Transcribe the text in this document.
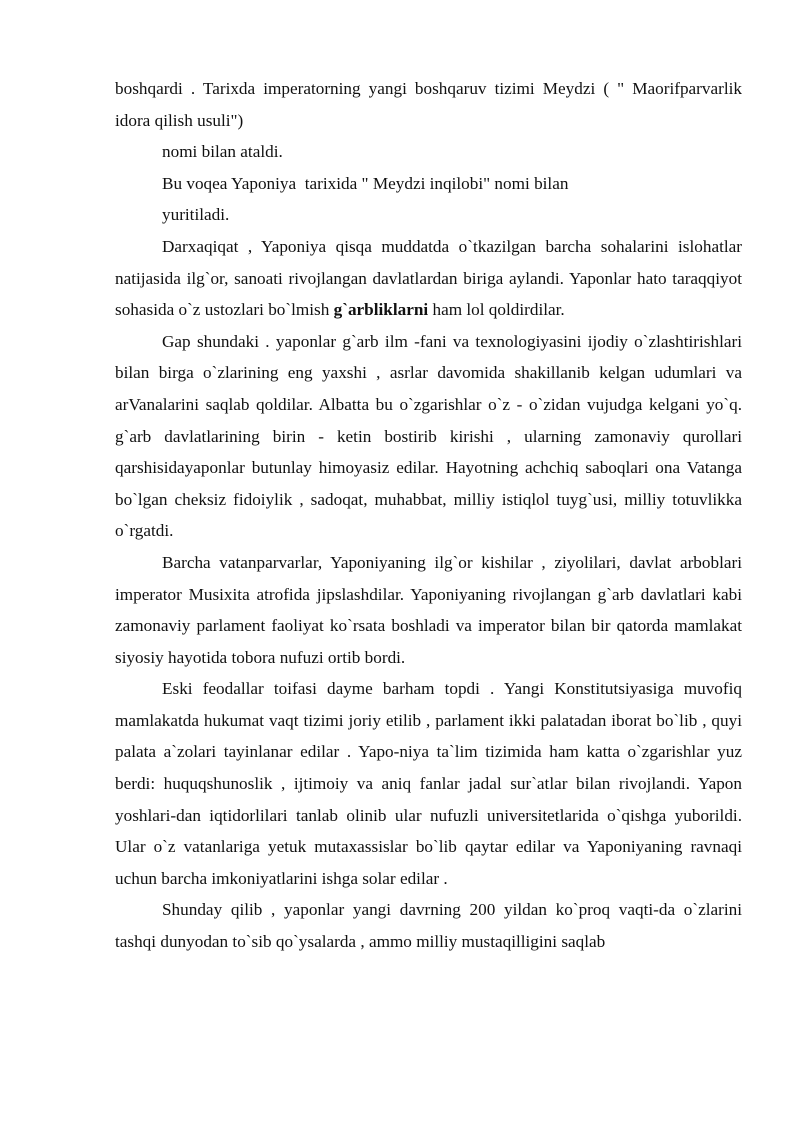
boshqardi . Tarixda imperatorning yangi boshqaruv tizimi Meydzi ( " Maorifparvarlik idora qilish usuli")

nomi bilan ataldi.

Bu voqea Yaponiya  tarixida " Meydzi inqilobi" nomi bilan

yuritiladi.

Darxaqiqat , Yaponiya qisqa muddatda o`tkazilgan barcha sohalarini islohatlar natijasida ilg`or, sanoati rivojlangan davlatlardan biriga aylandi. Yaponlar hato taraqqiyot sohasida o`z ustozlari bo`lmish g`arbliklarni ham lol qoldirdilar.

Gap shundaki . yaponlar g`arb ilm -fani va texnologiyasini ijodiy o`zlashtirishlari bilan birga o`zlarining eng yaxshi , asrlar davomida shakillanib kelgan udumlari va arVanalarini saqlab qoldilar. Albatta bu o`zgarishlar o`z - o`zidan vujudga kelgani yo`q. g`arb davlatlarining birin - ketin bostirib kirishi , ularning zamonaviy qurollari qarshisidayaponlar butunlay himoyasiz edilar. Hayotning achchiq saboqlari ona Vatanga bo`lgan cheksiz fidoiylik , sadoqat, muhabbat, milliy istiqlol tuyg`usi, milliy totuvlikka o`rgatdi.

Barcha vatanparvarlar, Yaponiyaning ilg`or kishilar , ziyolilari, davlat arboblari imperator Musixita atrofida jipslashdilar. Yaponiyaning rivojlangan g`arb davlatlari kabi zamonaviy parlament faoliyat ko`rsata boshladi va imperator bilan bir qatorda mamlakat siyosiy hayotida tobora nufuzi ortib bordi.

Eski feodallar toifasi dayme barham topdi . Yangi Konstitutsiyasiga muvofiq mamlakatda hukumat vaqt tizimi joriy etilib , parlament ikki palatadan iborat bo`lib , quyi palata a`zolari tayinlanar edilar . Yapo-niya ta`lim tizimida ham katta o`zgarishlar yuz berdi: huquqshunoslik , ijtimoiy va aniq fanlar jadal sur`atlar bilan rivojlandi. Yapon yoshlari-dan iqtidorlilari tanlab olinib ular nufuzli universitetlarida o`qishga yuborildi. Ular o`z vatanlariga yetuk mutaxassislar bo`lib qaytar edilar va Yaponiyaning ravnaqi uchun barcha imkoniyatlarini ishga solar edilar .

Shunday qilib , yaponlar yangi davrning 200 yildan ko`proq vaqti-da o`zlarini tashqi dunyodan to`sib qo`ysalarda , ammo milliy mustaqilligini saqlab
